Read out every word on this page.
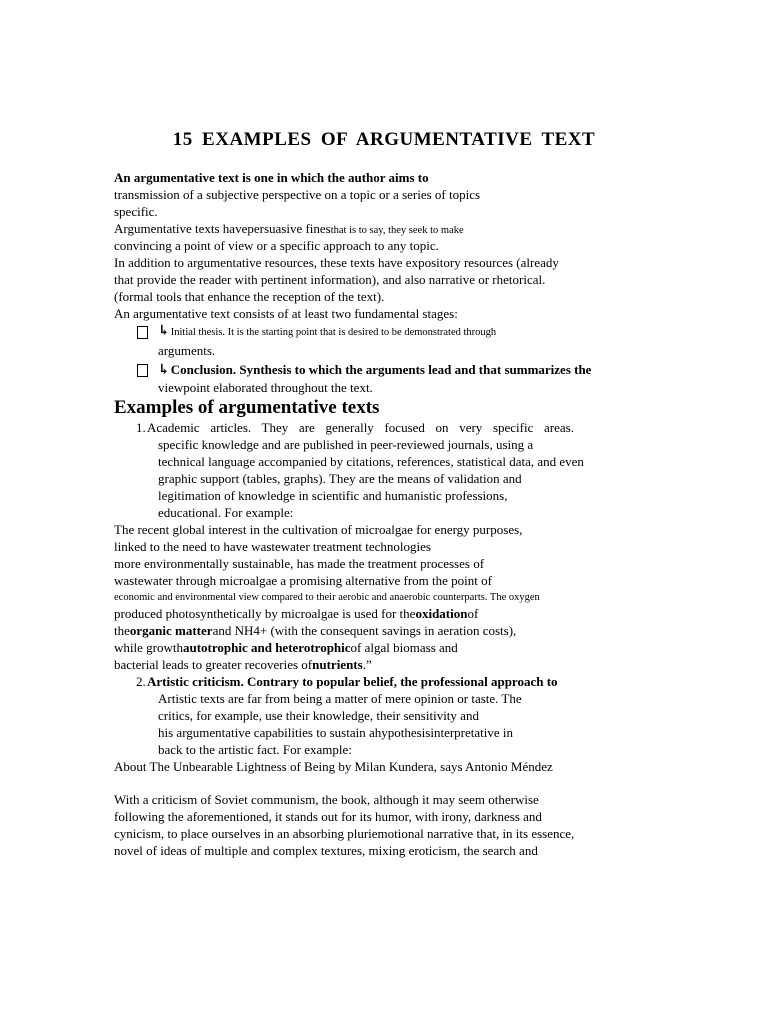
15 EXAMPLES OF ARGUMENTATIVE TEXT
An argumentative text is one in which the author aims to
transmission of a subjective perspective on a topic or a series of topics
specific.
Argumentative texts havepersuasive finesthat is to say, they seek to make
convincing a point of view or a specific approach to any topic.
In addition to argumentative resources, these texts have expository resources (already
that provide the reader with pertinent information), and also narrative or rhetorical.
(formal tools that enhance the reception of the text).
An argumentative text consists of at least two fundamental stages:
↳Initial thesis. It is the starting point that is desired to be demonstrated through
arguments.
↳Conclusion. Synthesis to which the arguments lead and that summarizes the
viewpoint elaborated throughout the text.
Examples of argumentative texts
1. Academic articles. They are generally focused on very specific areas.
specific knowledge and are published in peer-reviewed journals, using a
technical language accompanied by citations, references, statistical data, and even
graphic support (tables, graphs). They are the means of validation and
legitimation of knowledge in scientific and humanistic professions,
educational. For example:
The recent global interest in the cultivation of microalgae for energy purposes,
linked to the need to have wastewater treatment technologies
more environmentally sustainable, has made the treatment processes of
wastewater through microalgae a promising alternative from the point of
economic and environmental view compared to their aerobic and anaerobic counterparts. The oxygen
produced photosynthetically by microalgae is used for theoxidationof
theorganic matterand NH4+ (with the consequent savings in aeration costs),
while growthautotrophic and heterotrophicof algal biomass and
bacterial leads to greater recoveries ofnutrients.”
2. Artistic criticism. Contrary to popular belief, the professional approach to
Artistic texts are far from being a matter of mere opinion or taste. The
critics, for example, use their knowledge, their sensitivity and
his argumentative capabilities to sustain ahypothesisinterpretative in
back to the artistic fact. For example:
About The Unbearable Lightness of Being by Milan Kundera, says Antonio Méndez
With a criticism of Soviet communism, the book, although it may seem otherwise
following the aforementioned, it stands out for its humor, with irony, darkness and
cynicism, to place ourselves in an absorbing pluriemotional narrative that, in its essence,
novel of ideas of multiple and complex textures, mixing eroticism, the search and
